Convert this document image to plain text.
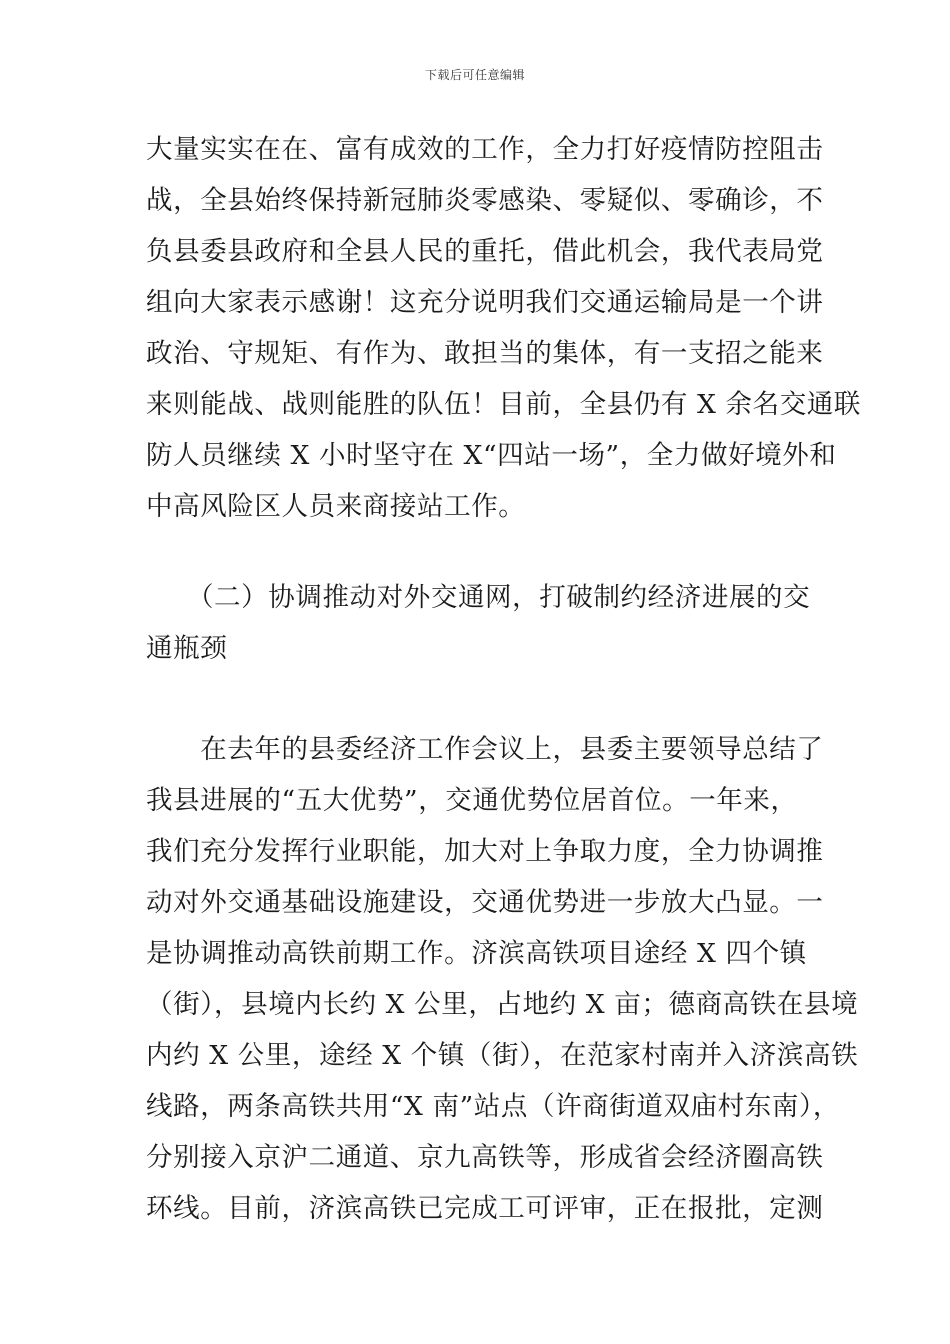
下载后可任意编辑
大量实实在在、富有成效的工作，全力打好疫情防控阻击
战，全县始终保持新冠肺炎零感染、零疑似、零确诊，不
负县委县政府和全县人民的重托，借此机会，我代表局党
组向大家表示感谢！这充分说明我们交通运输局是一个讲
政治、守规矩、有作为、敢担当的集体，有一支招之能来
来则能战、战则能胜的队伍！目前，全县仍有 X 余名交通联
防人员继续 X 小时坚守在 X“四站一场”，全力做好境外和
中高风险区人员来商接站工作。
　　（二）协调推动对外交通网，打破制约经济进展的交
通瓶颈
　　在去年的县委经济工作会议上，县委主要领导总结了
我县进展的“五大优势”，交通优势位居首位。一年来，
我们充分发挥行业职能，加大对上争取力度，全力协调推
动对外交通基础设施建设，交通优势进一步放大凸显。一
是协调推动高铁前期工作。济滨高铁项目途经 X 四个镇
（街），县境内长约 X 公里，占地约 X 亩；德商高铁在县境
内约 X 公里，途经 X 个镇（街），在范家村南并入济滨高铁
线路，两条高铁共用“X 南”站点（许商街道双庙村东南），
分别接入京沪二通道、京九高铁等，形成省会经济圈高铁
环线。目前，济滨高铁已完成工可评审，正在报批，定测
